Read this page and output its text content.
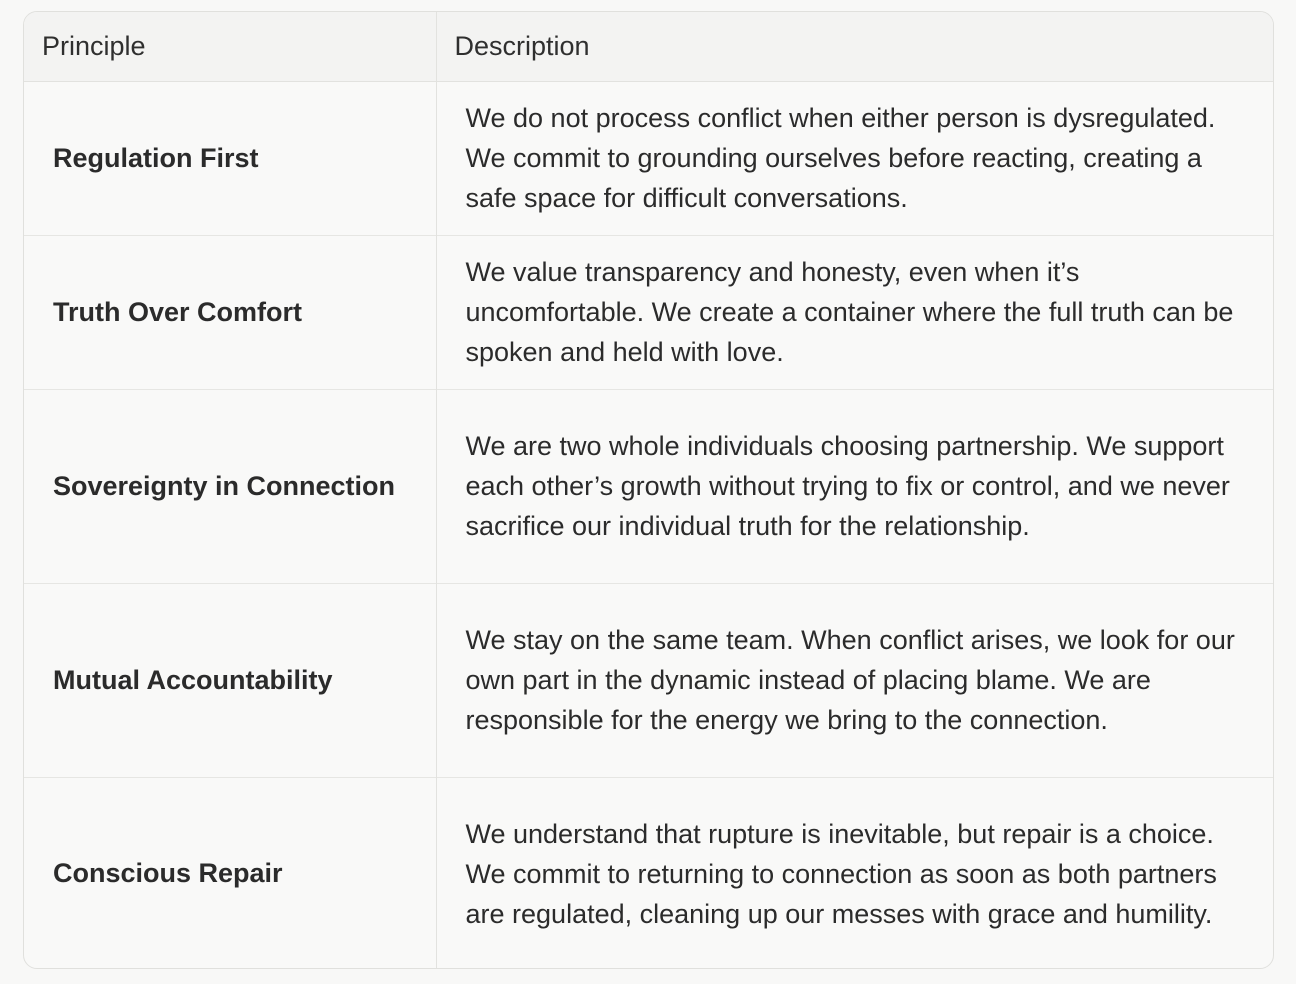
Principle	Description
Regulation First	We do not process conflict when either person is dysregulated. We commit to grounding ourselves before reacting, creating a safe space for difficult conversations.
Truth Over Comfort	We value transparency and honesty, even when it’s uncomfortable. We create a container where the full truth can be spoken and held with love.
Sovereignty in Connection	We are two whole individuals choosing partnership. We support each other’s growth without trying to fix or control, and we never sacrifice our individual truth for the relationship.
Mutual Accountability	We stay on the same team. When conflict arises, we look for our own part in the dynamic instead of placing blame. We are responsible for the energy we bring to the connection.
Conscious Repair	We understand that rupture is inevitable, but repair is a choice. We commit to returning to connection as soon as both partners are regulated, cleaning up our messes with grace and humility.
